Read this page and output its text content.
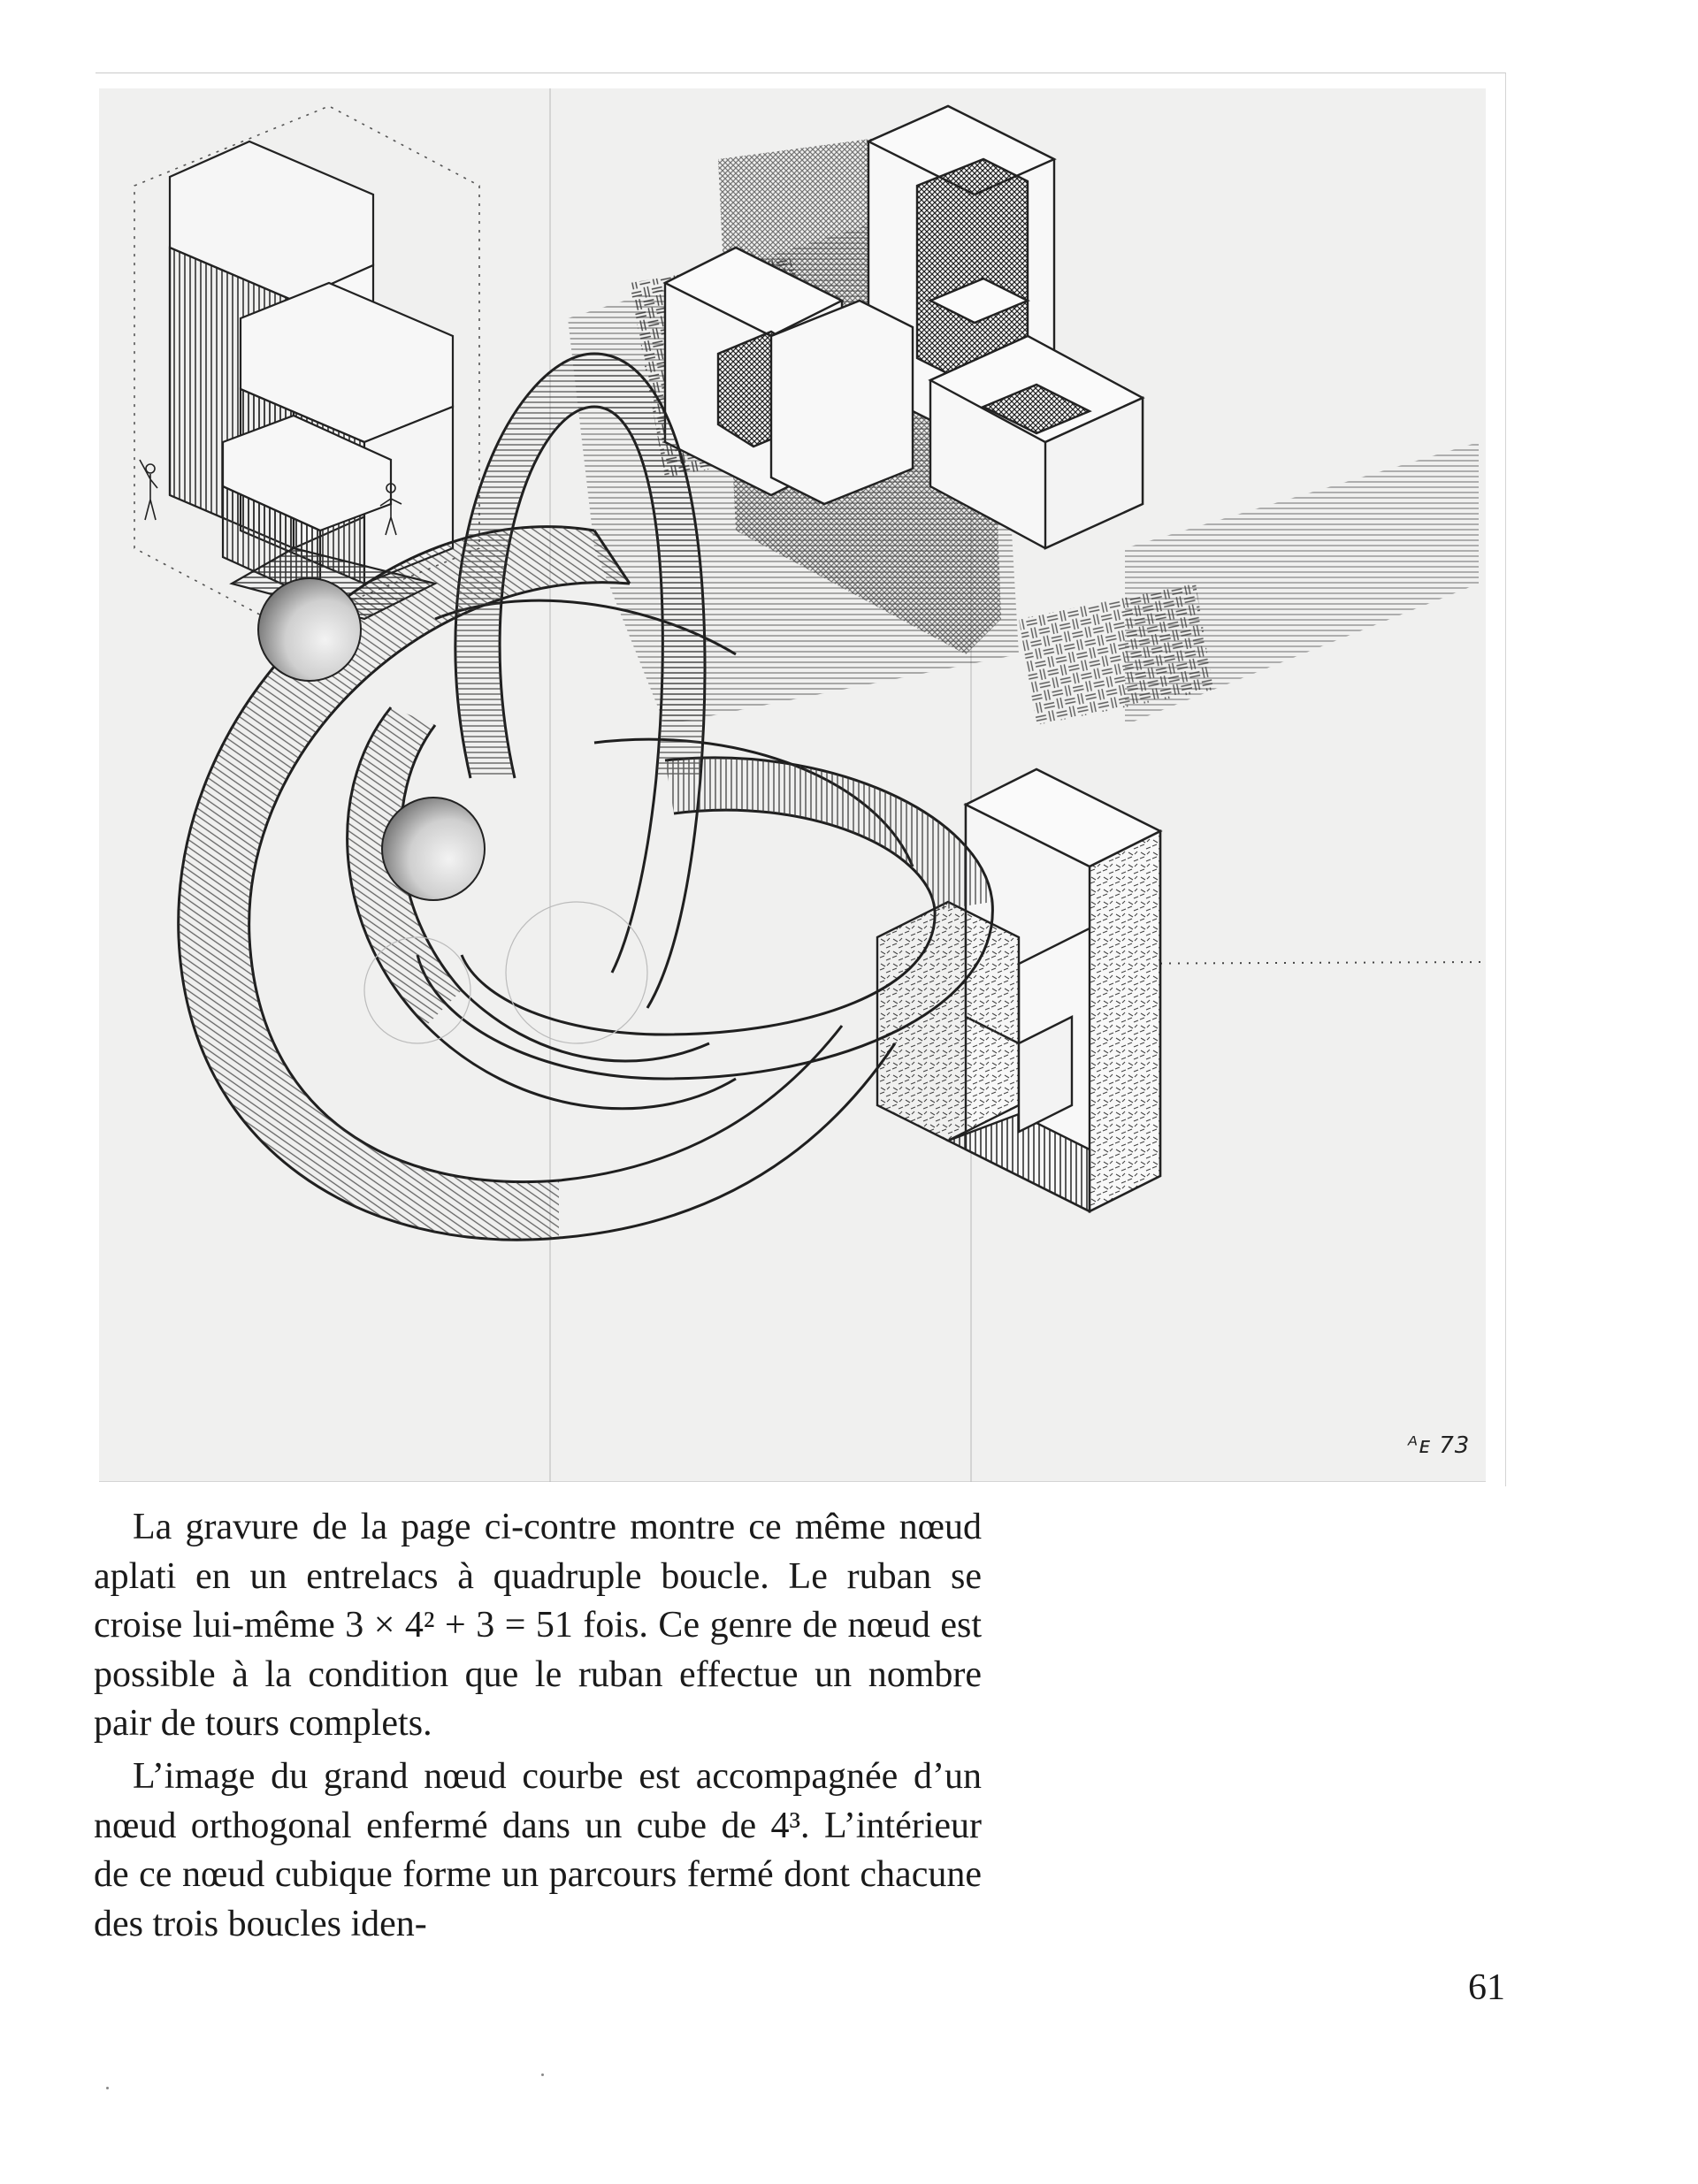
ᴬᴇ 73

La gravure de la page ci-contre montre ce même nœud aplati en un entrelacs à quadruple boucle. Le ruban se croise lui-même 3 × 4² + 3 = 51 fois. Ce genre de nœud est possible à la condition que le ruban effectue un nombre pair de tours complets.

L’image du grand nœud courbe est accompagnée d’un nœud orthogonal enfermé dans un cube de 4³. L’intérieur de ce nœud cubique forme un parcours fermé dont chacune des trois boucles iden-

61
